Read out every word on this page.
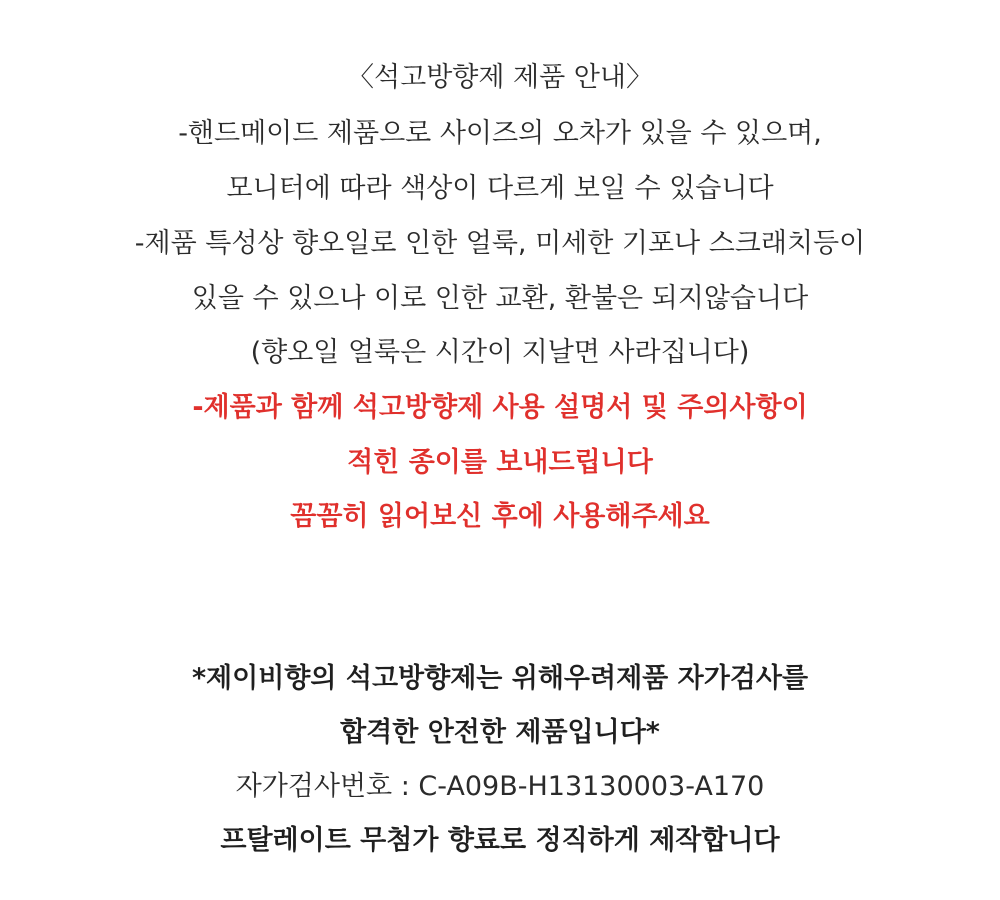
〈석고방향제 제품 안내〉
-핸드메이드 제품으로 사이즈의 오차가 있을 수 있으며,
모니터에 따라 색상이 다르게 보일 수 있습니다
-제품 특성상 향오일로 인한 얼룩, 미세한 기포나 스크래치등이
있을 수 있으나 이로 인한 교환, 환불은 되지않습니다
(향오일 얼룩은 시간이 지날면 사라집니다)
-제품과 함께 석고방향제 사용 설명서 및 주의사항이
적힌 종이를 보내드립니다
꼼꼼히 읽어보신 후에 사용해주세요
*제이비향의 석고방향제는 위해우려제품 자가검사를
합격한 안전한 제품입니다*
자가검사번호 : C-A09B-H13130003-A170
프탈레이트 무첨가 향료로 정직하게 제작합니다
